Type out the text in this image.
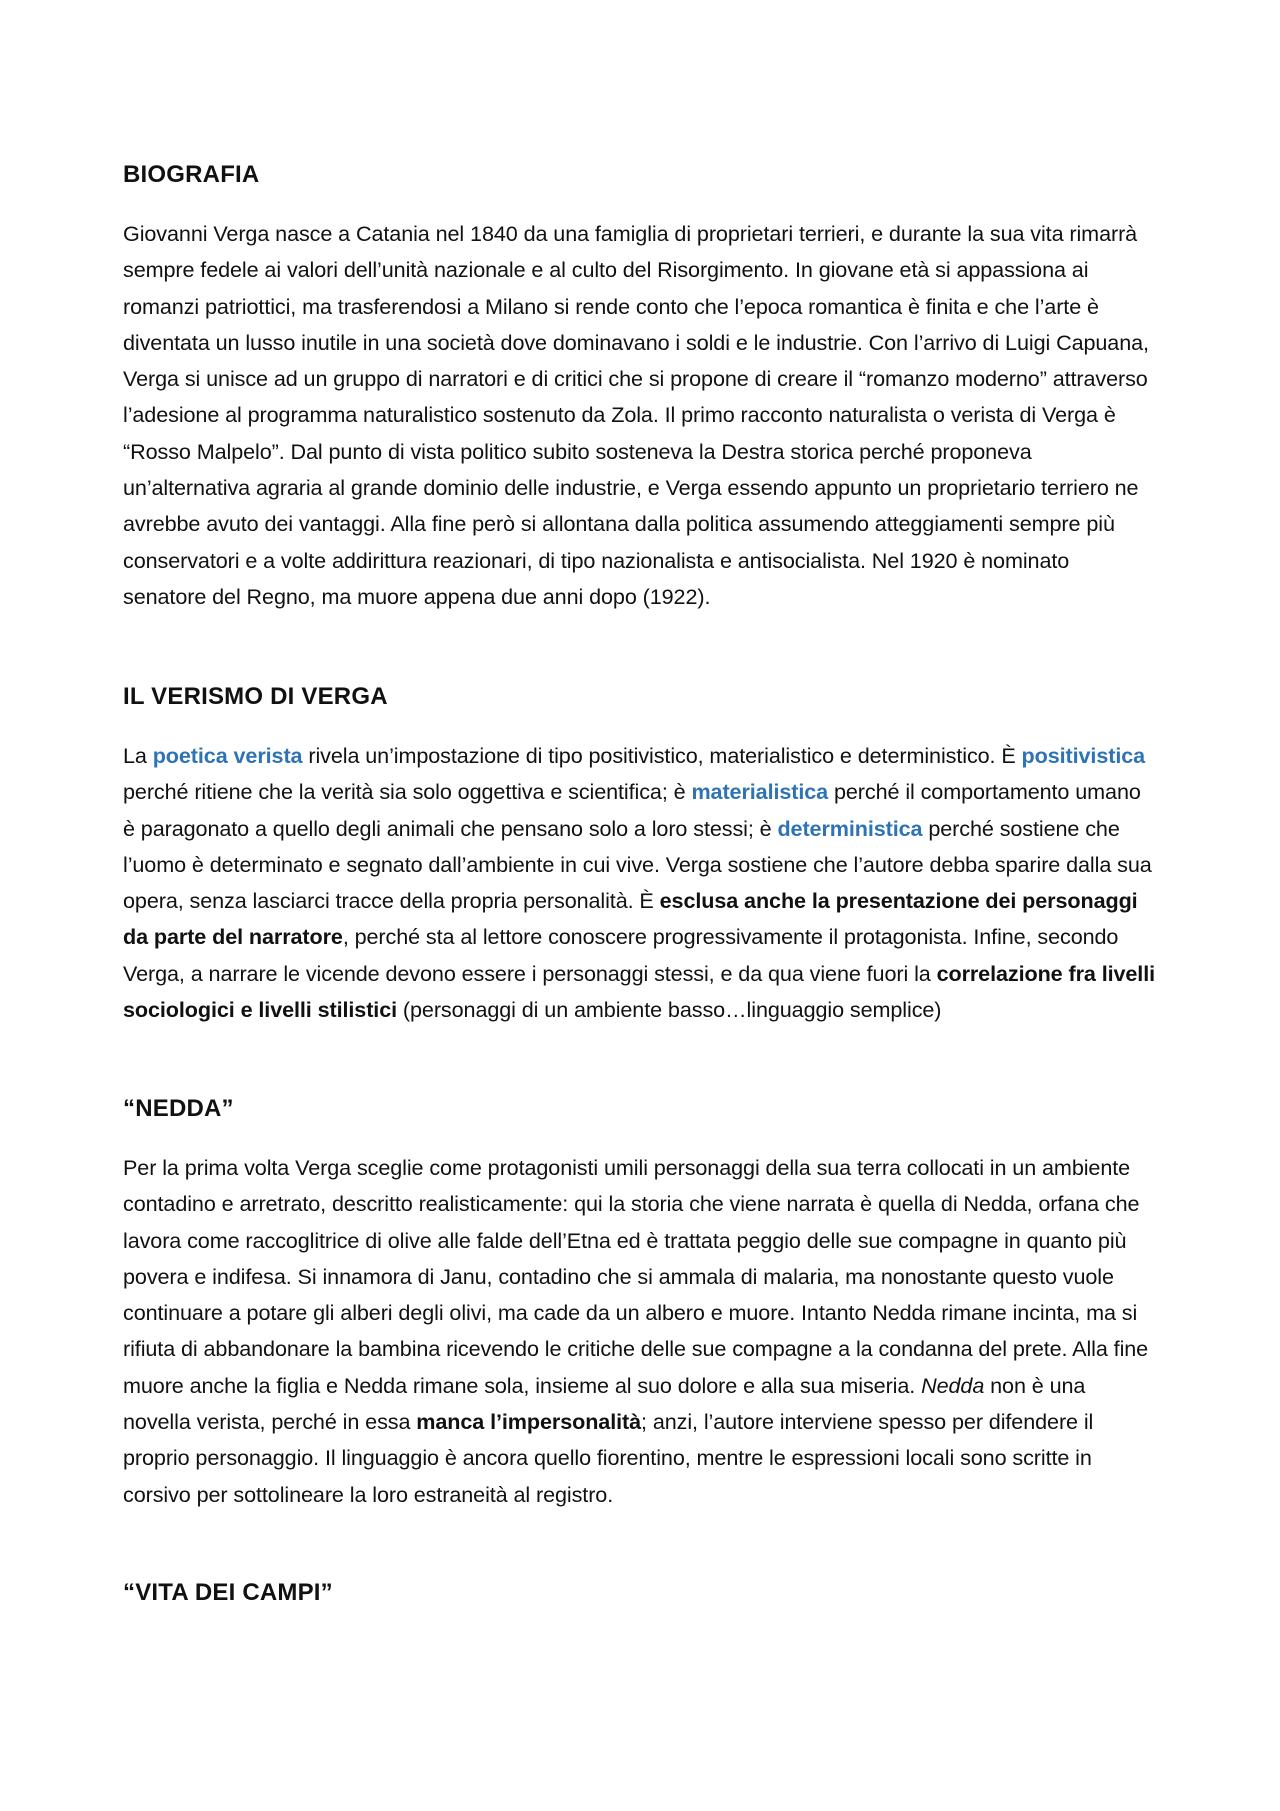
BIOGRAFIA

Giovanni Verga nasce a Catania nel 1840 da una famiglia di proprietari terrieri, e durante la sua vita rimarrà sempre fedele ai valori dell’unità nazionale e al culto del Risorgimento. In giovane età si appassiona ai romanzi patriottici, ma trasferendosi a Milano si rende conto che l’epoca romantica è finita e che l’arte è diventata un lusso inutile in una società dove dominavano i soldi e le industrie. Con l’arrivo di Luigi Capuana, Verga si unisce ad un gruppo di narratori e di critici che si propone di creare il “romanzo moderno” attraverso l’adesione al programma naturalistico sostenuto da Zola. Il primo racconto naturalista o verista di Verga è “Rosso Malpelo”. Dal punto di vista politico subito sosteneva la Destra storica perché proponeva un’alternativa agraria al grande dominio delle industrie, e Verga essendo appunto un proprietario terriero ne avrebbe avuto dei vantaggi. Alla fine però si allontana dalla politica assumendo atteggiamenti sempre più conservatori e a volte addirittura reazionari, di tipo nazionalista e antisocialista. Nel 1920 è nominato senatore del Regno, ma muore appena due anni dopo (1922).

IL VERISMO DI VERGA

La poetica verista rivela un’impostazione di tipo positivistico, materialistico e deterministico. È positivistica perché ritiene che la verità sia solo oggettiva e scientifica; è materialistica perché il comportamento umano è paragonato a quello degli animali che pensano solo a loro stessi; è deterministica perché sostiene che l’uomo è determinato e segnato dall’ambiente in cui vive. Verga sostiene che l’autore debba sparire dalla sua opera, senza lasciarci tracce della propria personalità. È esclusa anche la presentazione dei personaggi da parte del narratore, perché sta al lettore conoscere progressivamente il protagonista. Infine, secondo Verga, a narrare le vicende devono essere i personaggi stessi, e da qua viene fuori la correlazione fra livelli sociologici e livelli stilistici (personaggi di un ambiente basso…linguaggio semplice)

“NEDDA”

Per la prima volta Verga sceglie come protagonisti umili personaggi della sua terra collocati in un ambiente contadino e arretrato, descritto realisticamente: qui la storia che viene narrata è quella di Nedda, orfana che lavora come raccoglitrice di olive alle falde dell’Etna ed è trattata peggio delle sue compagne in quanto più povera e indifesa. Si innamora di Janu, contadino che si ammala di malaria, ma nonostante questo vuole continuare a potare gli alberi degli olivi, ma cade da un albero e muore. Intanto Nedda rimane incinta, ma si rifiuta di abbandonare la bambina ricevendo le critiche delle sue compagne a la condanna del prete. Alla fine muore anche la figlia e Nedda rimane sola, insieme al suo dolore e alla sua miseria. Nedda non è una novella verista, perché in essa manca l’impersonalità; anzi, l’autore interviene spesso per difendere il proprio personaggio. Il linguaggio è ancora quello fiorentino, mentre le espressioni locali sono scritte in corsivo per sottolineare la loro estraneità al registro.

“VITA DEI CAMPI”
